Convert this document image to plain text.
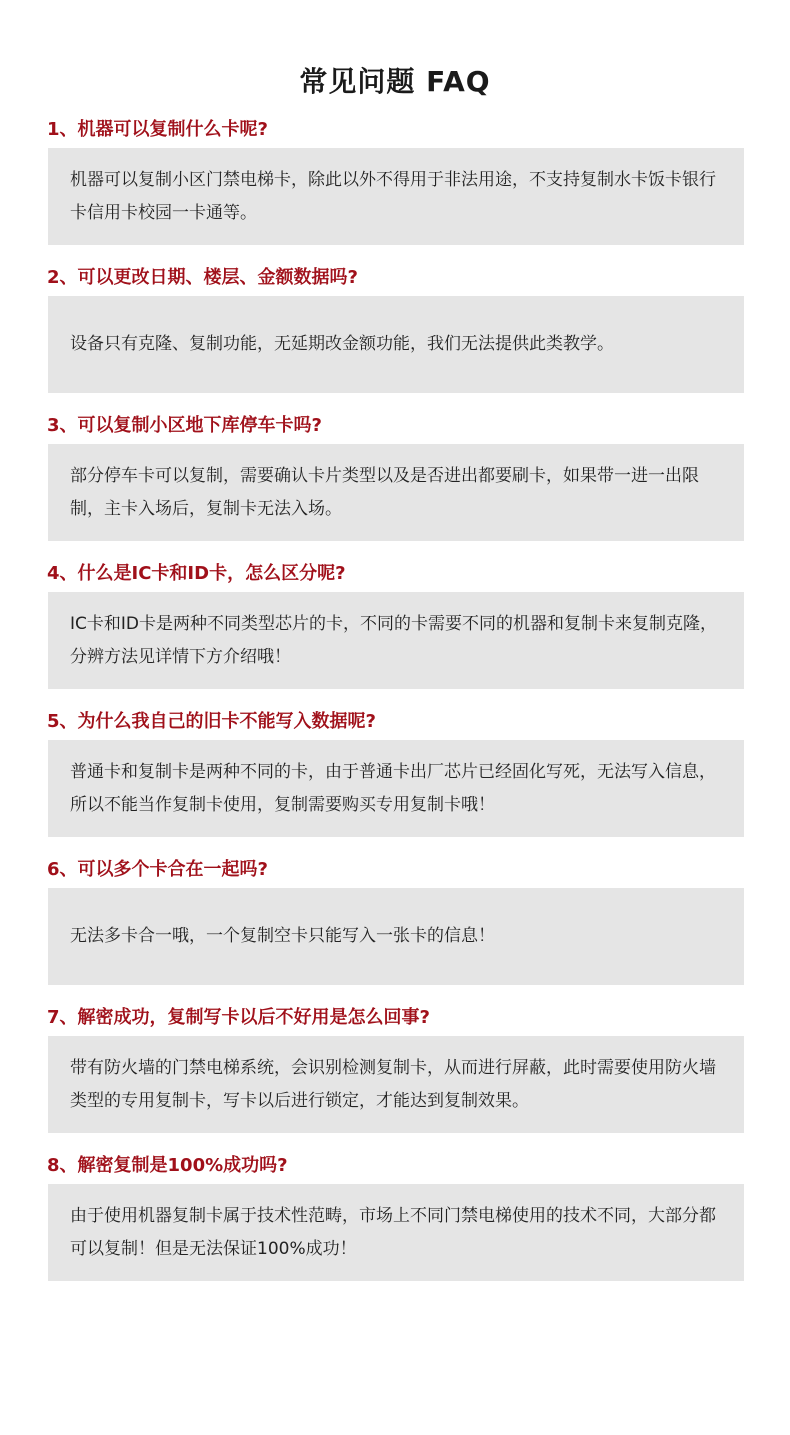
常见问题 FAQ
1、机器可以复制什么卡呢?
机器可以复制小区门禁电梯卡，除此以外不得用于非法用途，不支持复制水卡饭卡银行卡信用卡校园一卡通等。
2、可以更改日期、楼层、金额数据吗?
设备只有克隆、复制功能，无延期改金额功能，我们无法提供此类教学。
3、可以复制小区地下库停车卡吗?
部分停车卡可以复制，需要确认卡片类型以及是否进出都要刷卡，如果带一进一出限制，主卡入场后，复制卡无法入场。
4、什么是IC卡和ID卡，怎么区分呢?
IC卡和ID卡是两种不同类型芯片的卡，不同的卡需要不同的机器和复制卡来复制克隆，分辨方法见详情下方介绍哦！
5、为什么我自己的旧卡不能写入数据呢?
普通卡和复制卡是两种不同的卡，由于普通卡出厂芯片已经固化写死，无法写入信息，所以不能当作复制卡使用，复制需要购买专用复制卡哦！
6、可以多个卡合在一起吗?
无法多卡合一哦，一个复制空卡只能写入一张卡的信息！
7、解密成功，复制写卡以后不好用是怎么回事?
带有防火墙的门禁电梯系统，会识别检测复制卡，从而进行屏蔽，此时需要使用防火墙类型的专用复制卡，写卡以后进行锁定，才能达到复制效果。
8、解密复制是100%成功吗?
由于使用机器复制卡属于技术性范畴，市场上不同门禁电梯使用的技术不同，大部分都可以复制！但是无法保证100%成功！
